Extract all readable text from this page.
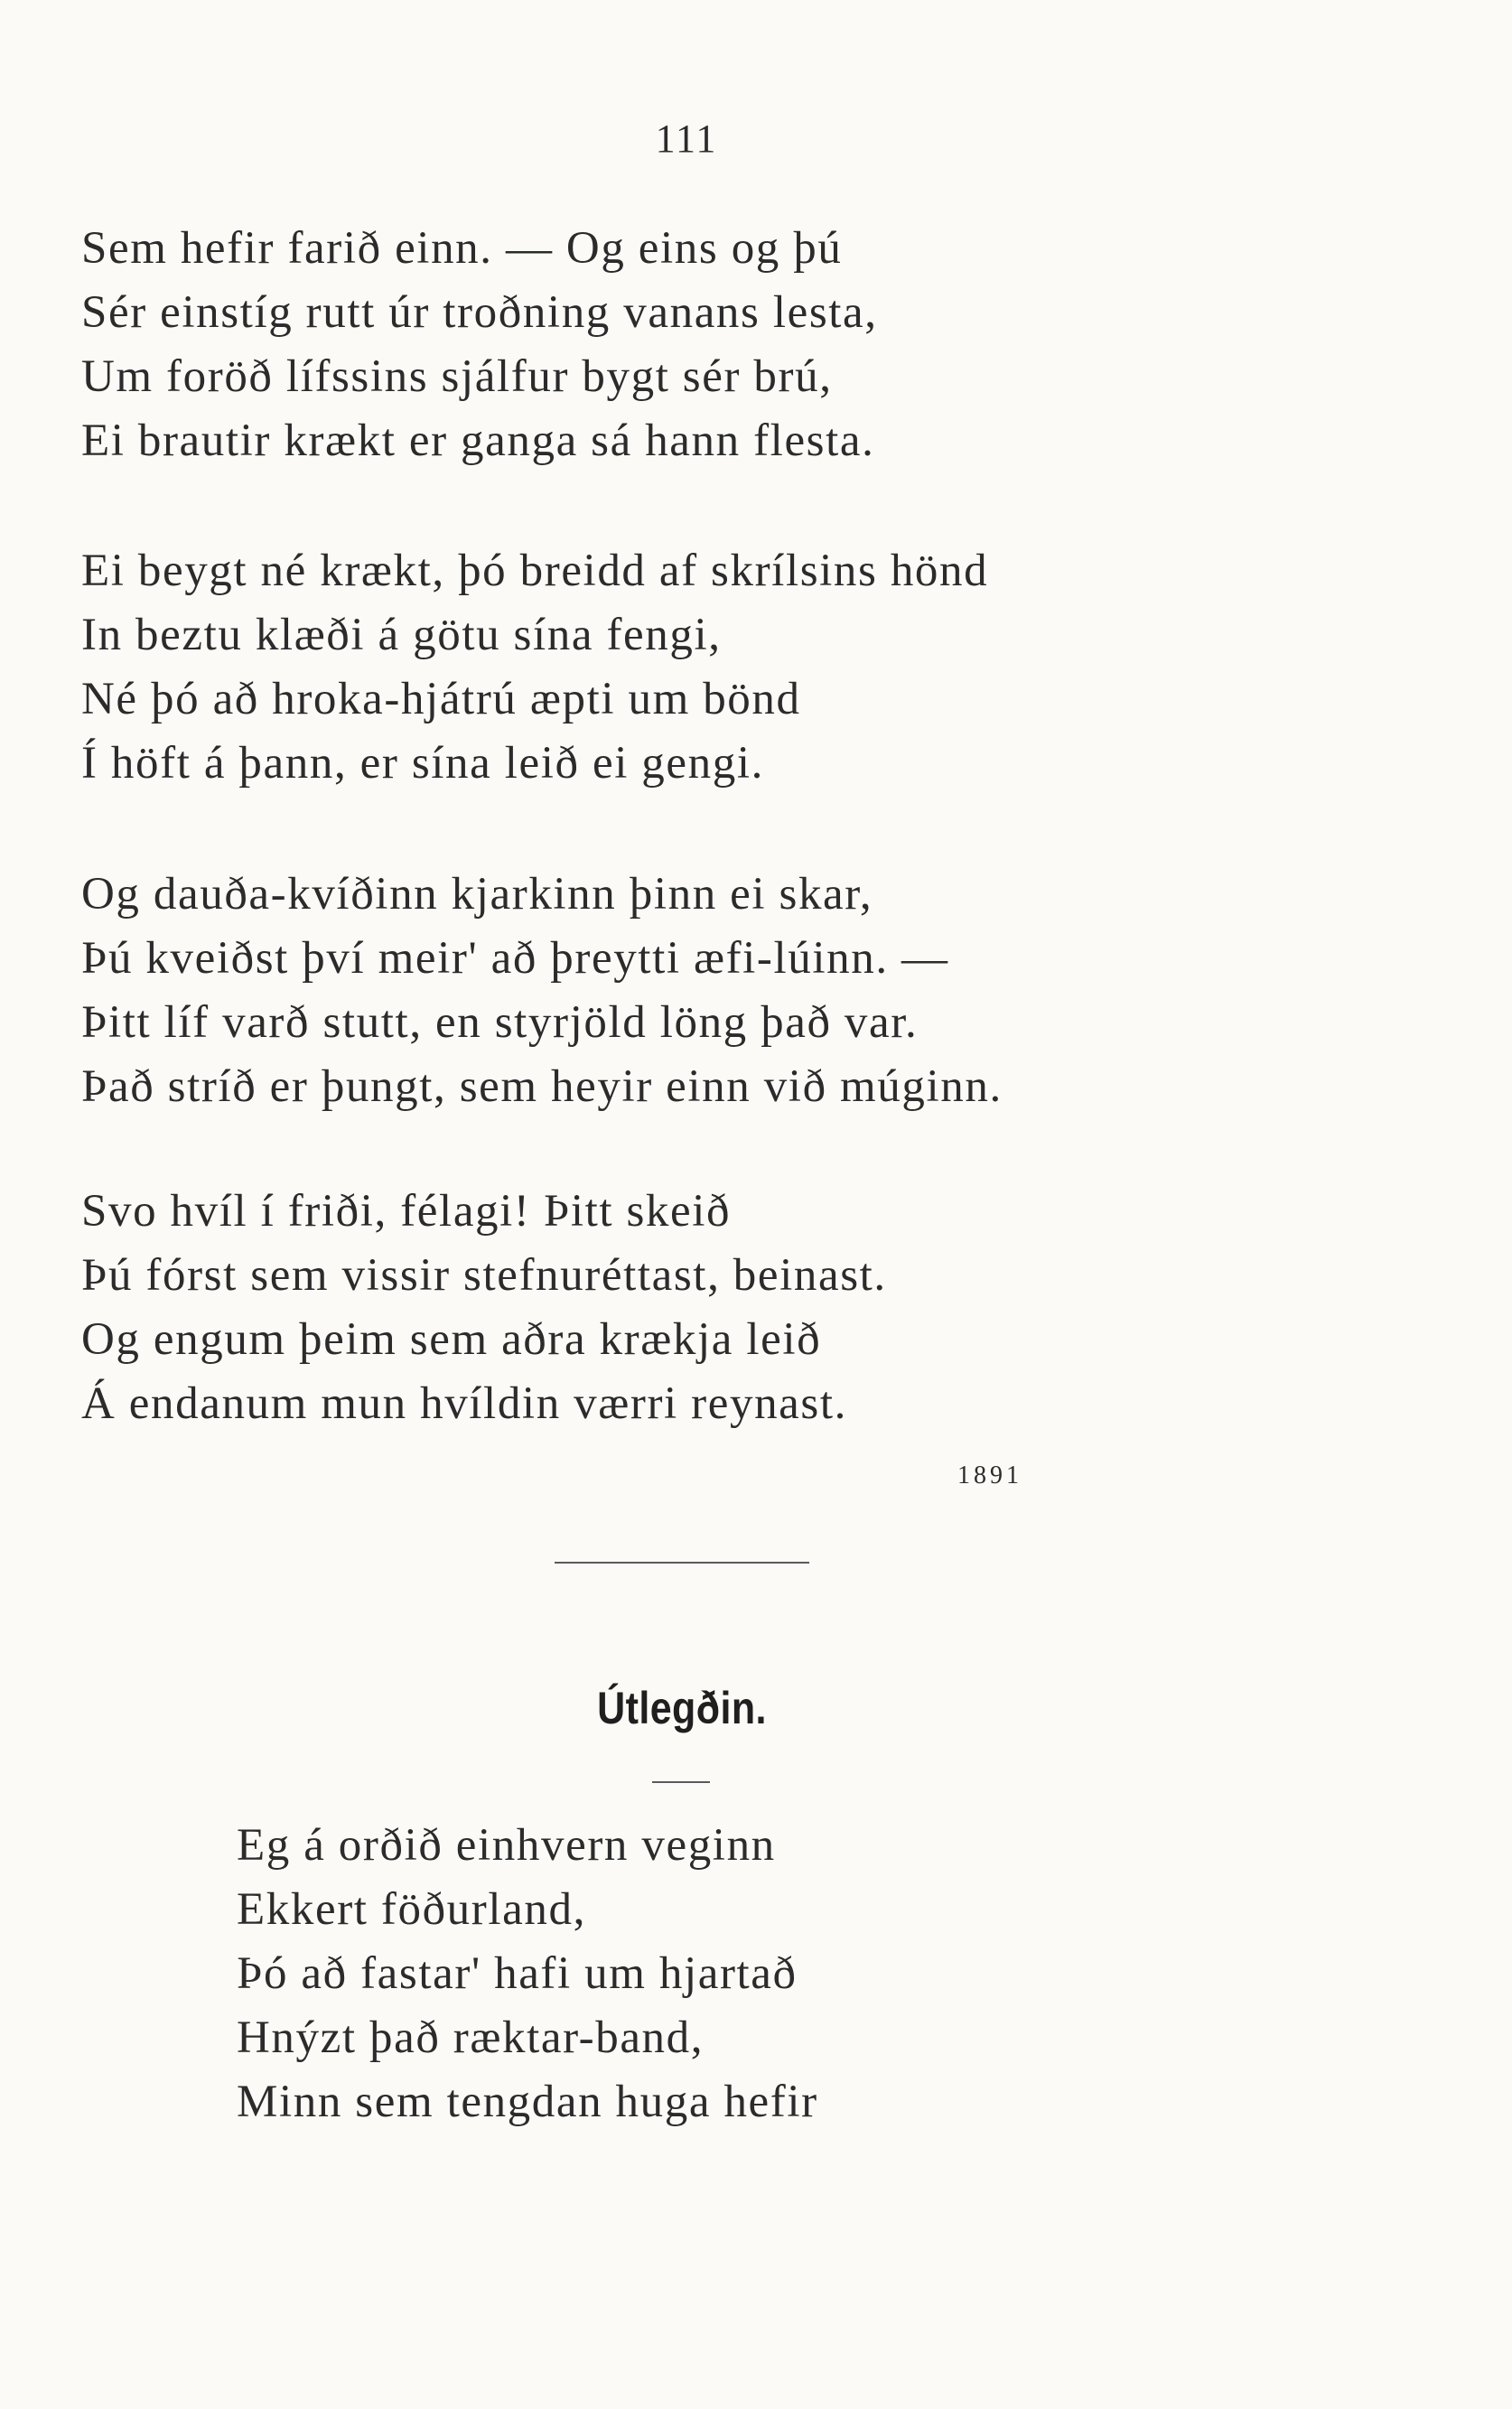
111
Sem hefir farið einn. — Og eins og þú
Sér einstíg rutt úr troðning vanans lesta,
Um foröð lífssins sjálfur bygt sér brú,
Ei brautir krækt er ganga sá hann flesta.
Ei beygt né krækt, þó breidd af skrílsins hönd
In beztu klæði á götu sína fengi,
Né þó að hroka-hjátrú æpti um bönd
Í höft á þann, er sína leið ei gengi.
Og dauða-kvíðinn kjarkinn þinn ei skar,
Þú kveiðst því meir' að þreytti æfi-lúinn. —
Þitt líf varð stutt, en styrjöld löng það var.
Það stríð er þungt, sem heyir einn við múginn.
Svo hvíl í friði, félagi! Þitt skeið
Þú fórst sem vissir stefnuréttast, beinast.
Og engum þeim sem aðra krækja leið
Á endanum mun hvíldin værri reynast.
1891
Útlegðin.
Eg á orðið einhvern veginn
Ekkert föðurland,
Þó að fastar' hafi um hjartað
Hnýzt það ræktar-band,
Minn sem tengdan huga hefir
